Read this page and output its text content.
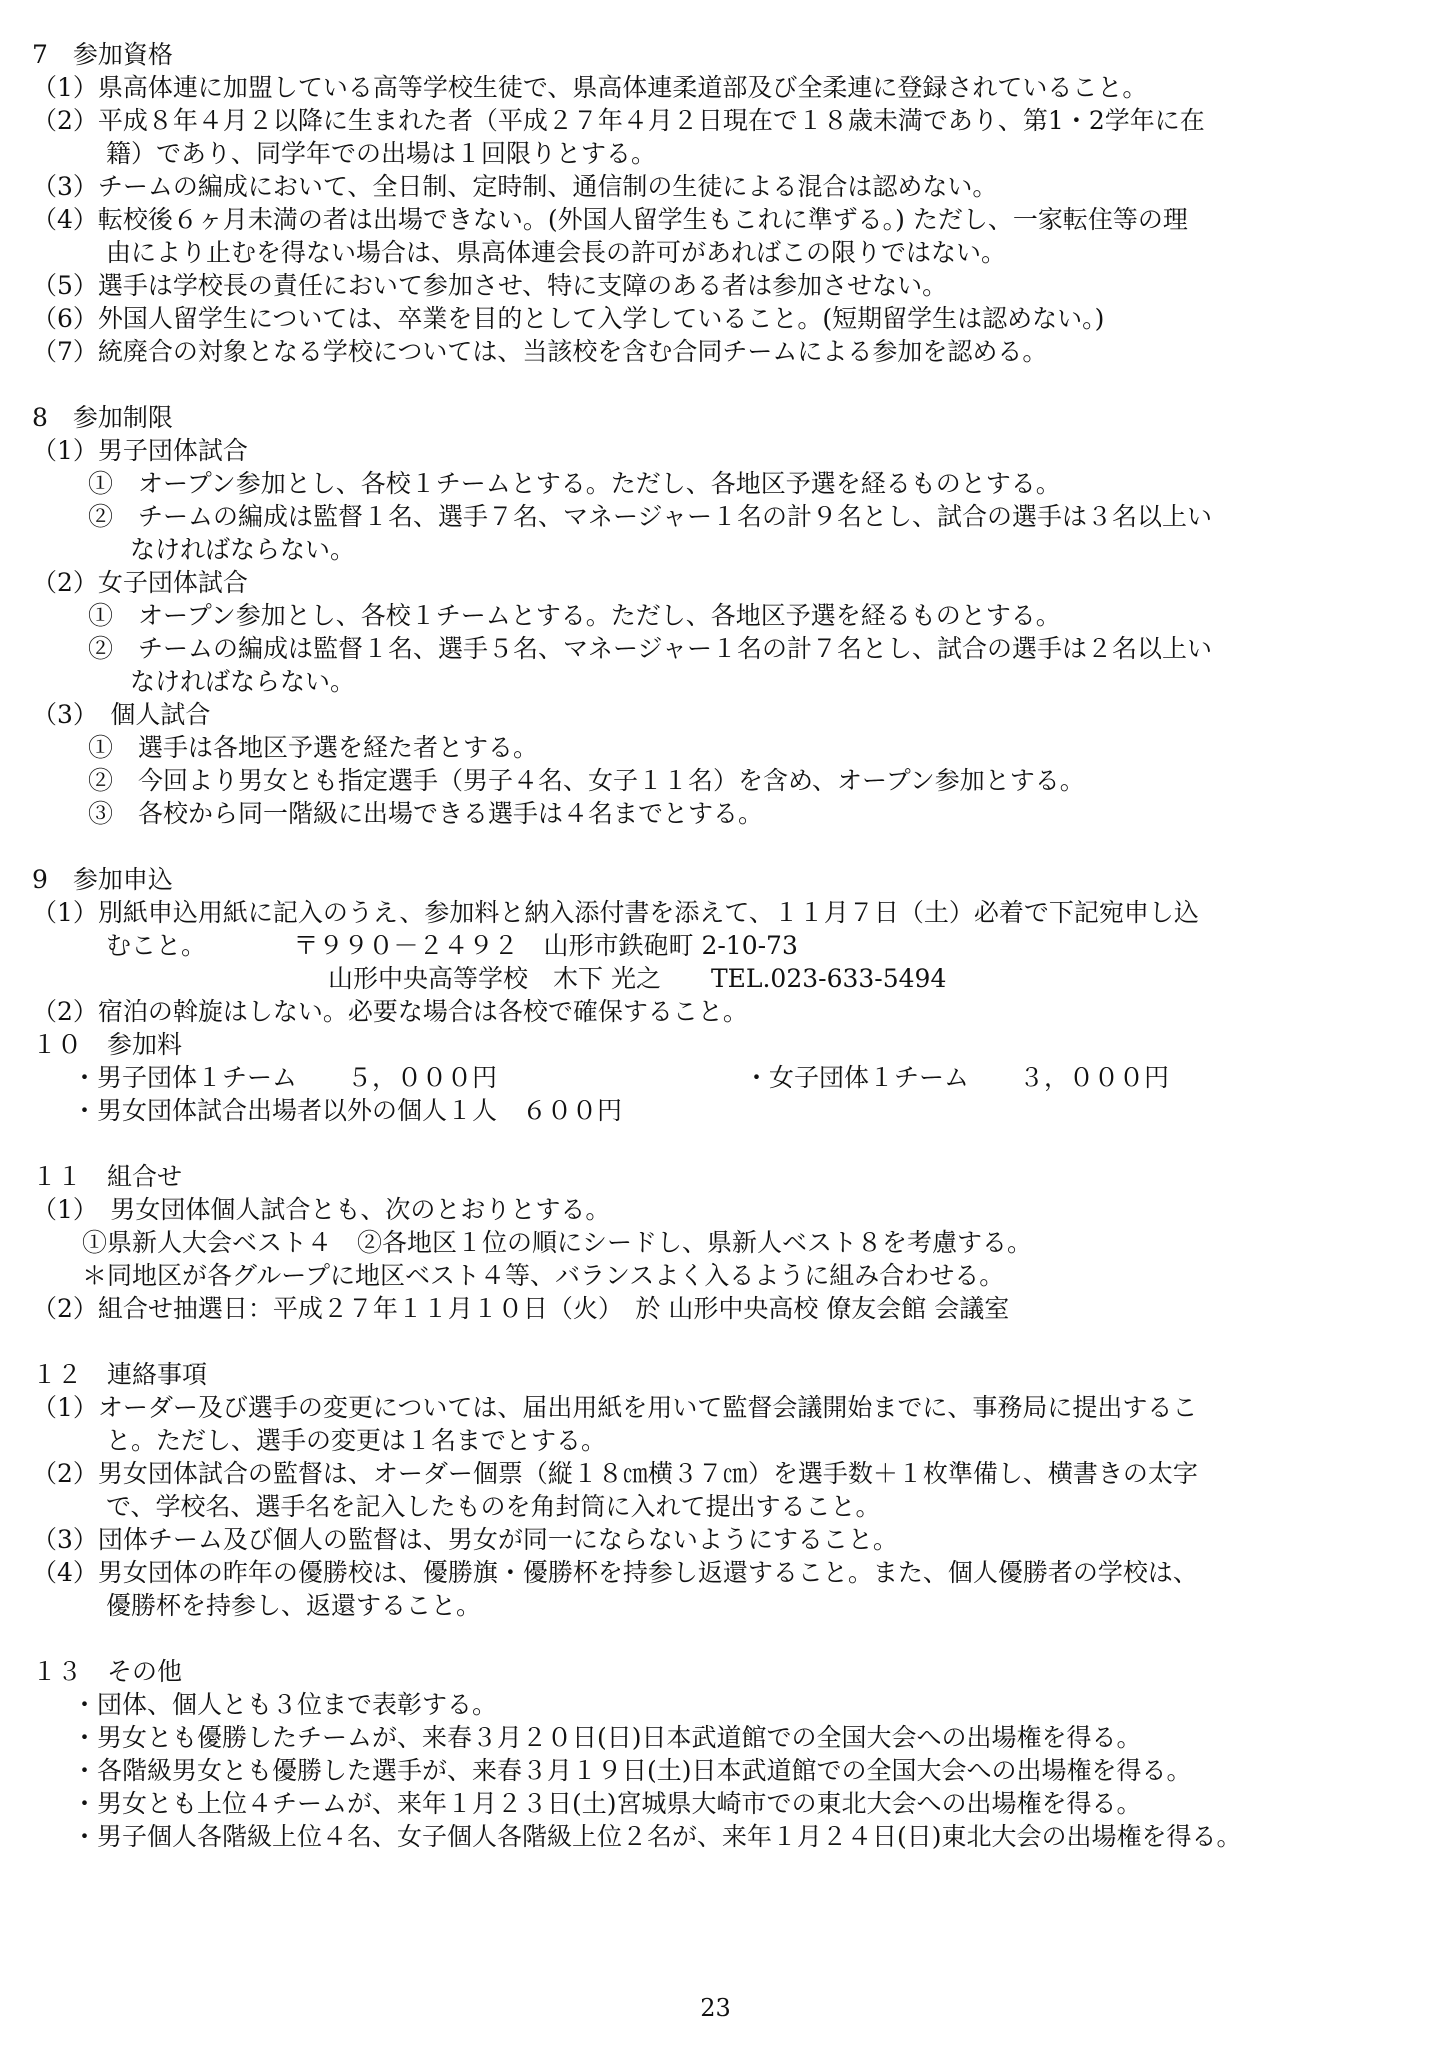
7　参加資格
（1）県高体連に加盟している高等学校生徒で、県高体連柔道部及び全柔連に登録されていること。
（2）平成８年４月２以降に生まれた者（平成２７年４月２日現在で１８歳未満であり、第1・2学年に在
籍）であり、同学年での出場は１回限りとする。
（3）チームの編成において、全日制、定時制、通信制の生徒による混合は認めない。
（4）転校後６ヶ月未満の者は出場できない。(外国人留学生もこれに準ずる。) ただし、一家転住等の理
由により止むを得ない場合は、県高体連会長の許可があればこの限りではない。
（5）選手は学校長の責任において参加させ、特に支障のある者は参加させない。
（6）外国人留学生については、卒業を目的として入学していること。(短期留学生は認めない。)
（7）統廃合の対象となる学校については、当該校を含む合同チームによる参加を認める。
8　参加制限
（1）男子団体試合
①　オープン参加とし、各校１チームとする。ただし、各地区予選を経るものとする。
②　チームの編成は監督１名、選手７名、マネージャー１名の計９名とし、試合の選手は３名以上い
なければならない。
（2）女子団体試合
①　オープン参加とし、各校１チームとする。ただし、各地区予選を経るものとする。
②　チームの編成は監督１名、選手５名、マネージャー１名の計７名とし、試合の選手は２名以上い
なければならない。
（3）　個人試合
①　選手は各地区予選を経た者とする。
②　今回より男女とも指定選手（男子４名、女子１１名）を含め、オープン参加とする。
③　各校から同一階級に出場できる選手は４名までとする。
9　参加申込
（1）別紙申込用紙に記入のうえ、参加料と納入添付書を添えて、１１月７日（土）必着で下記宛申し込
むこと。　　　　〒９９０－２４９２　山形市鉄砲町 2-10-73
山形中央高等学校　木下 光之　　TEL.023-633-5494
（2）宿泊の斡旋はしない。必要な場合は各校で確保すること。
１０　参加料
・男子団体１チーム　　５，０００円	・女子団体１チーム　　３，０００円
・男女団体試合出場者以外の個人１人　６００円
１１　組合せ
（1）　男女団体個人試合とも、次のとおりとする。
①県新人大会ベスト４　②各地区１位の順にシードし、県新人ベスト８を考慮する。
＊同地区が各グループに地区ベスト４等、バランスよく入るように組み合わせる。
（2）組合せ抽選日：平成２７年１１月１０日（火）　於 山形中央高校 僚友会館 会議室
１２　連絡事項
（1）オーダー及び選手の変更については、届出用紙を用いて監督会議開始までに、事務局に提出するこ
と。ただし、選手の変更は１名までとする。
（2）男女団体試合の監督は、オーダー個票（縦１８㎝横３７㎝）を選手数＋１枚準備し、横書きの太字
で、学校名、選手名を記入したものを角封筒に入れて提出すること。
（3）団体チーム及び個人の監督は、男女が同一にならないようにすること。
（4）男女団体の昨年の優勝校は、優勝旗・優勝杯を持参し返還すること。また、個人優勝者の学校は、
優勝杯を持参し、返還すること。
１３　その他
・団体、個人とも３位まで表彰する。
・男女とも優勝したチームが、来春３月２０日(日)日本武道館での全国大会への出場権を得る。
・各階級男女とも優勝した選手が、来春３月１９日(土)日本武道館での全国大会への出場権を得る。
・男女とも上位４チームが、来年１月２３日(土)宮城県大崎市での東北大会への出場権を得る。
・男子個人各階級上位４名、女子個人各階級上位２名が、来年１月２４日(日)東北大会の出場権を得る。
23
